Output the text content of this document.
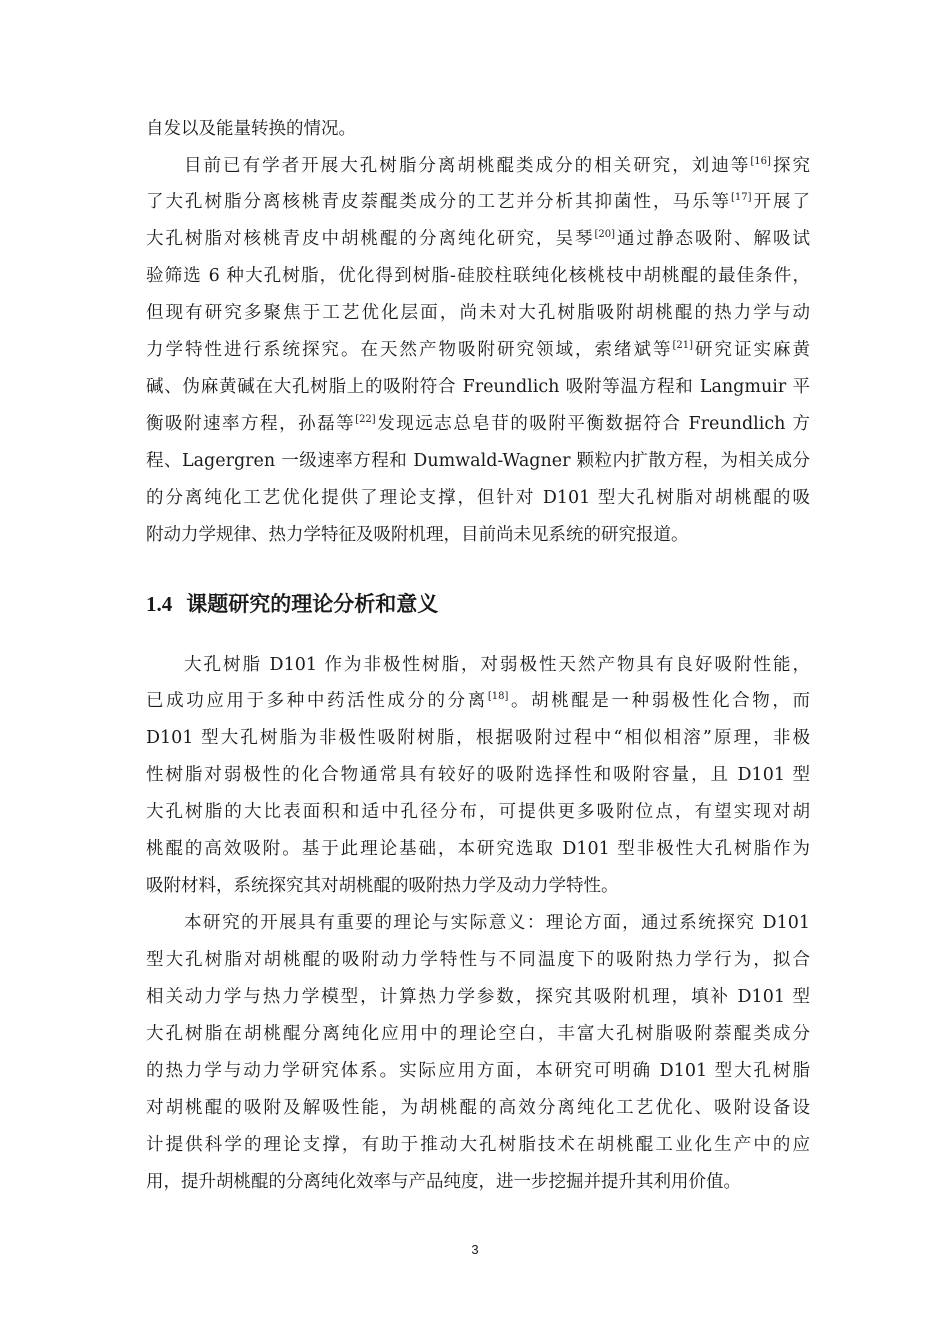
自发以及能量转换的情况。
目前已有学者开展大孔树脂分离胡桃醌类成分的相关研究，刘迪等[16]探究
了大孔树脂分离核桃青皮萘醌类成分的工艺并分析其抑菌性，马乐等[17]开展了
大孔树脂对核桃青皮中胡桃醌的分离纯化研究，吴琴[20]通过静态吸附、解吸试
验筛选 6 种大孔树脂，优化得到树脂-硅胶柱联纯化核桃枝中胡桃醌的最佳条件，
但现有研究多聚焦于工艺优化层面，尚未对大孔树脂吸附胡桃醌的热力学与动
力学特性进行系统探究。在天然产物吸附研究领域，索绪斌等[21]研究证实麻黄
碱、伪麻黄碱在大孔树脂上的吸附符合 Freundlich 吸附等温方程和 Langmuir 平
衡吸附速率方程，孙磊等[22]发现远志总皂苷的吸附平衡数据符合 Freundlich 方
程、Lagergren 一级速率方程和 Dumwald-Wagner 颗粒内扩散方程，为相关成分
的分离纯化工艺优化提供了理论支撑，但针对 D101 型大孔树脂对胡桃醌的吸
附动力学规律、热力学特征及吸附机理，目前尚未见系统的研究报道。
1.4 课题研究的理论分析和意义
大孔树脂 D101 作为非极性树脂，对弱极性天然产物具有良好吸附性能，
已成功应用于多种中药活性成分的分离[18]。胡桃醌是一种弱极性化合物，而
D101 型大孔树脂为非极性吸附树脂，根据吸附过程中“相似相溶”原理，非极
性树脂对弱极性的化合物通常具有较好的吸附选择性和吸附容量，且 D101 型
大孔树脂的大比表面积和适中孔径分布，可提供更多吸附位点，有望实现对胡
桃醌的高效吸附。基于此理论基础，本研究选取 D101 型非极性大孔树脂作为
吸附材料，系统探究其对胡桃醌的吸附热力学及动力学特性。
本研究的开展具有重要的理论与实际意义：理论方面，通过系统探究 D101
型大孔树脂对胡桃醌的吸附动力学特性与不同温度下的吸附热力学行为，拟合
相关动力学与热力学模型，计算热力学参数，探究其吸附机理，填补 D101 型
大孔树脂在胡桃醌分离纯化应用中的理论空白，丰富大孔树脂吸附萘醌类成分
的热力学与动力学研究体系。实际应用方面，本研究可明确 D101 型大孔树脂
对胡桃醌的吸附及解吸性能，为胡桃醌的高效分离纯化工艺优化、吸附设备设
计提供科学的理论支撑，有助于推动大孔树脂技术在胡桃醌工业化生产中的应
用，提升胡桃醌的分离纯化效率与产品纯度，进一步挖掘并提升其利用价值。
3
